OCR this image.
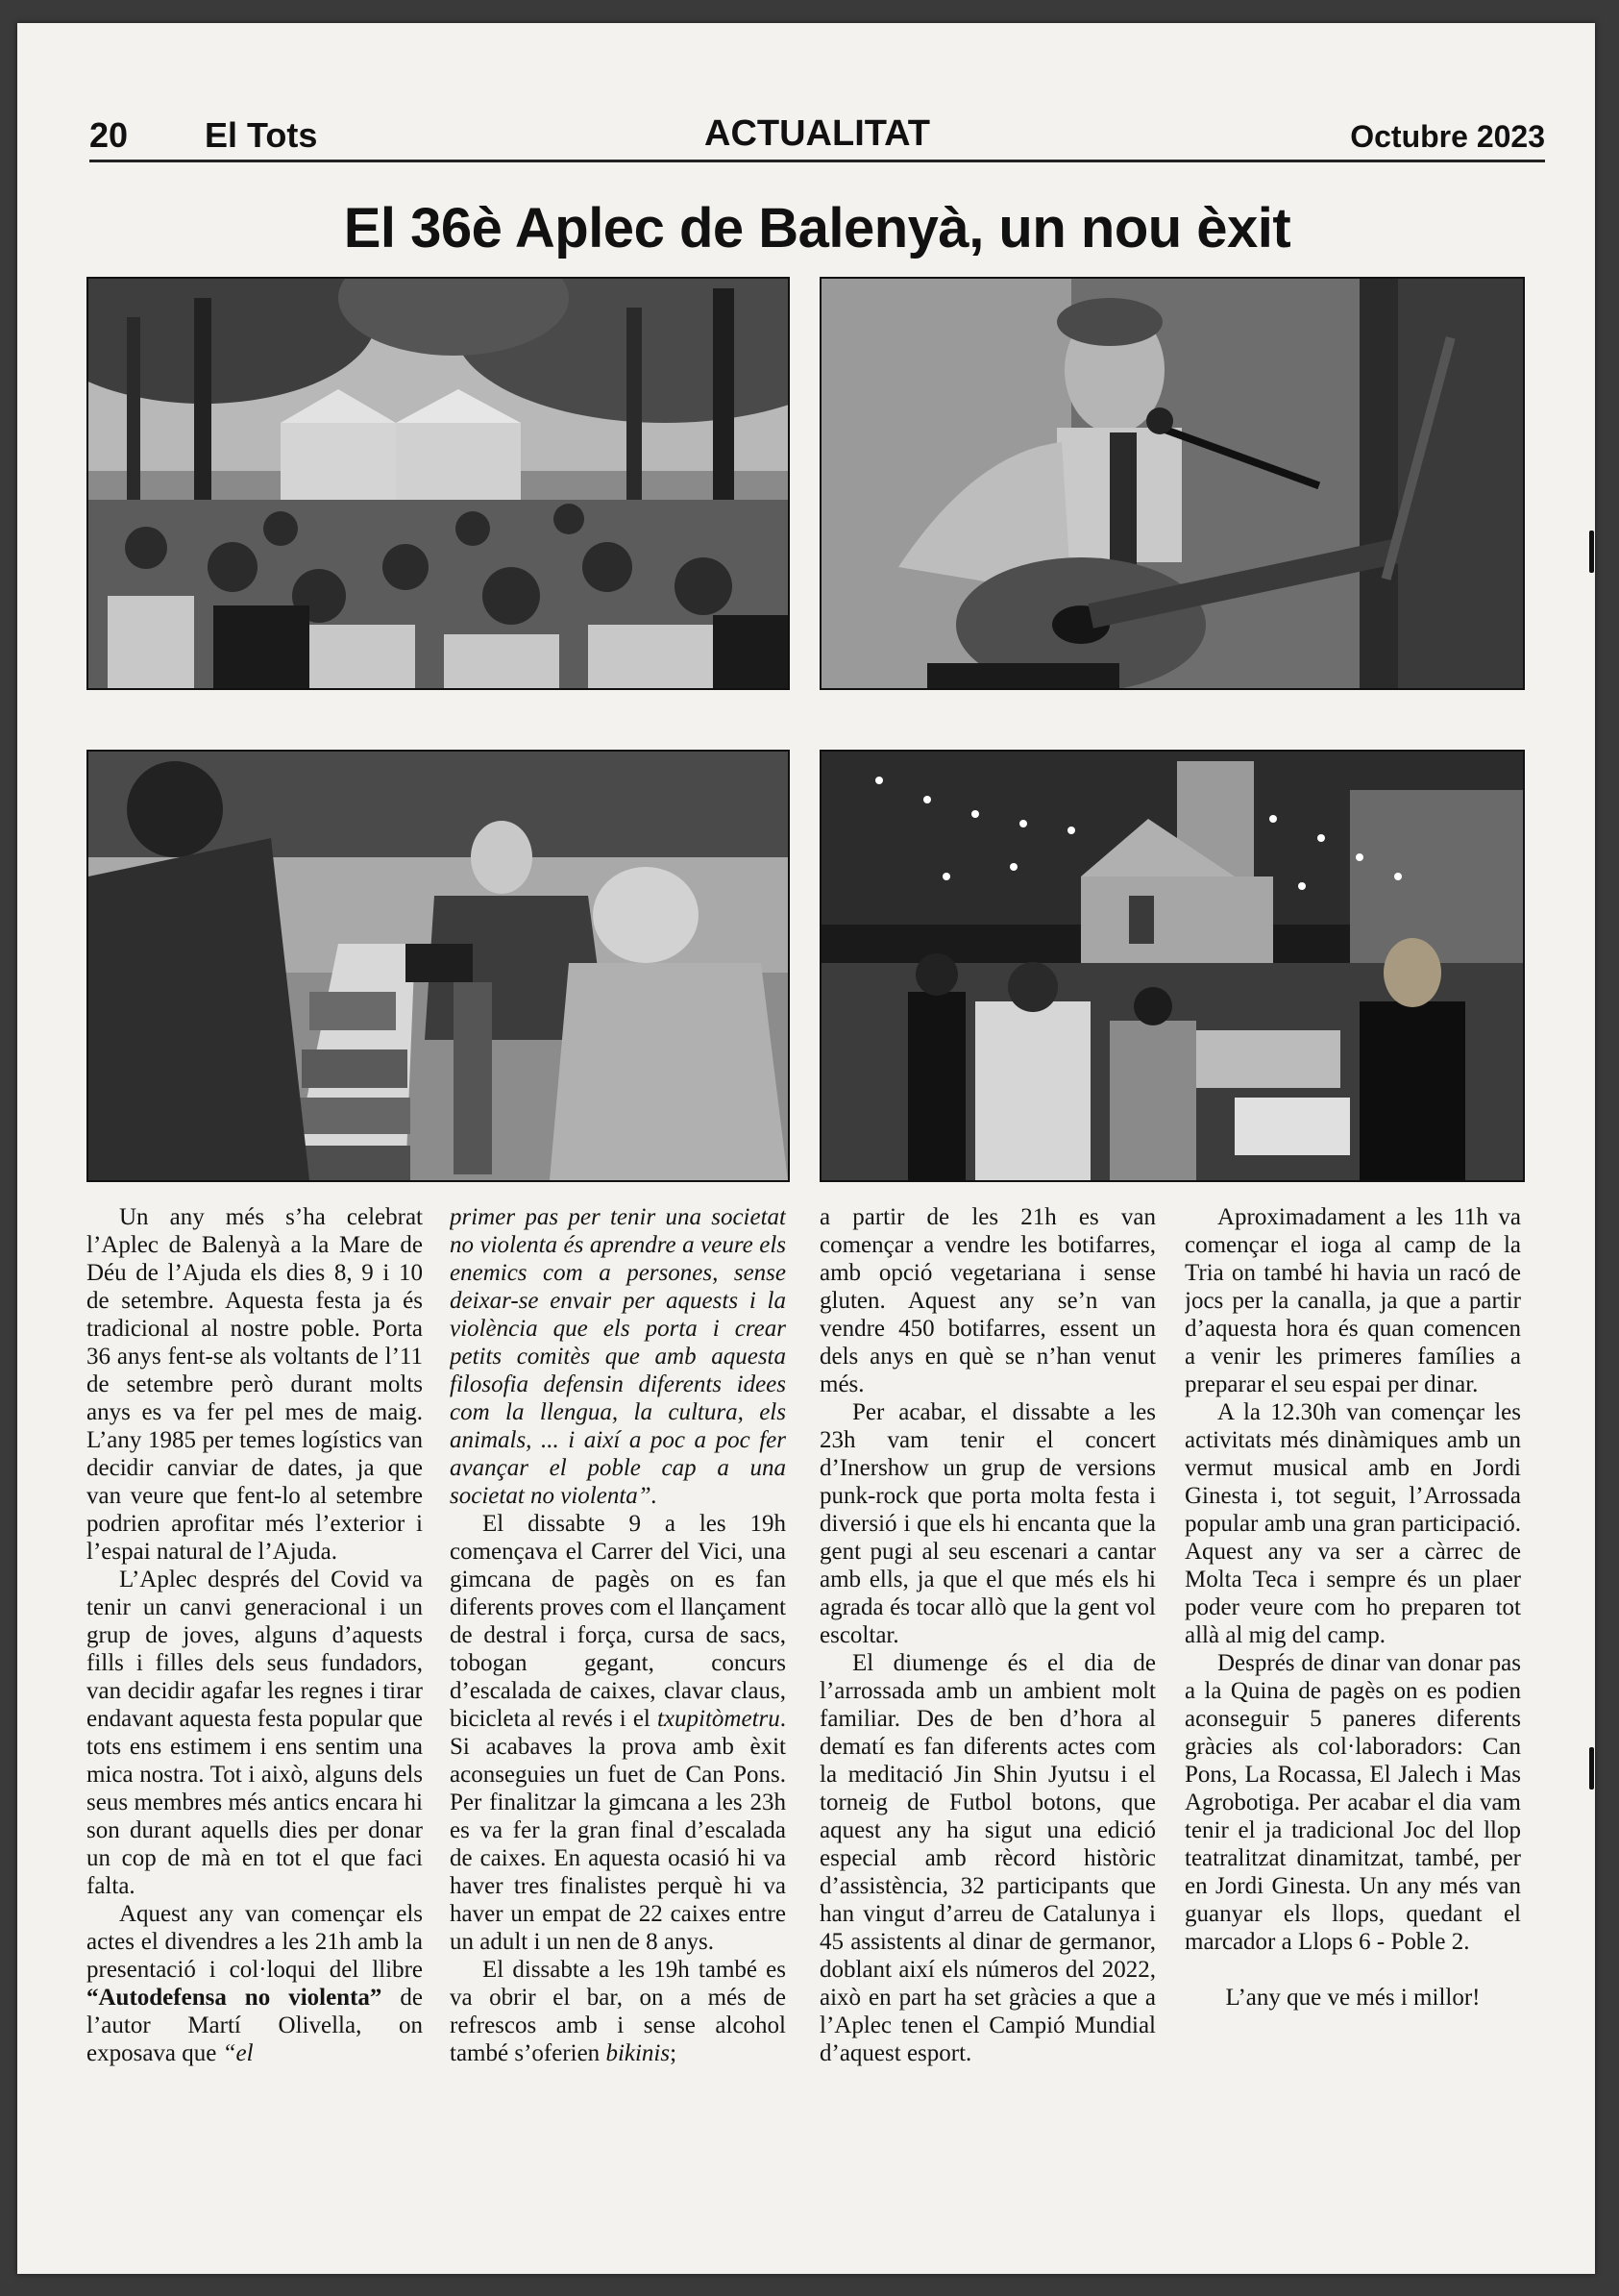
20 El Tots	ACTUALITAT	Octubre 2023
El 36è Aplec de Balenyà, un nou èxit

Un any més s’ha celebrat l’Aplec de Balenyà a la Mare de Déu de l’Ajuda els dies 8, 9 i 10 de setembre. Aquesta festa ja és tradicional al nostre poble. Porta 36 anys fent-se als voltants de l’11 de setembre però durant molts anys es va fer pel mes de maig. L’any 1985 per temes logístics van decidir canviar de dates, ja que van veure que fent-lo al setembre podrien aprofitar més l’exterior i l’espai natural de l’Ajuda.

L’Aplec després del Covid va tenir un canvi generacional i un grup de joves, alguns d’aquests fills i filles dels seus fundadors, van decidir agafar les regnes i tirar endavant aquesta festa popular que tots ens estimem i ens sentim una mica nostra. Tot i això, alguns dels seus membres més antics encara hi son durant aquells dies per donar un cop de mà en tot el que faci falta.

Aquest any van començar els actes el divendres a les 21h amb la presentació i col·loqui del llibre “Autodefensa no violenta” de l’autor Martí Olivella, on exposava que “el

primer pas per tenir una societat no violenta és aprendre a veure els enemics com a persones, sense deixar-se envair per aquests i la violència que els porta i crear petits comitès que amb aquesta filosofia defensin diferents idees com la llengua, la cultura, els animals, ... i així a poc a poc fer avançar el poble cap a una societat no violenta”.

El dissabte 9 a les 19h començava el Carrer del Vici, una gimcana de pagès on es fan diferents proves com el llançament de destral i força, cursa de sacs, tobogan gegant, concurs d’escalada de caixes, clavar claus, bicicleta al revés i el txupitòmetru. Si acabaves la prova amb èxit aconseguies un fuet de Can Pons. Per finalitzar la gimcana a les 23h es va fer la gran final d’escalada de caixes. En aquesta ocasió hi va haver tres finalistes perquè hi va haver un empat de 22 caixes entre un adult i un nen de 8 anys.

El dissabte a les 19h també es va obrir el bar, on a més de refrescos amb i sense alcohol també s’oferien bikinis;

a partir de les 21h es van començar a vendre les botifarres, amb opció vegetariana i sense gluten. Aquest any se’n van vendre 450 botifarres, essent un dels anys en què se n’han venut més.

Per acabar, el dissabte a les 23h vam tenir el concert d’Inershow un grup de versions punk-rock que porta molta festa i diversió i que els hi encanta que la gent pugi al seu escenari a cantar amb ells, ja que el que més els hi agrada és tocar allò que la gent vol escoltar.

El diumenge és el dia de l’arrossada amb un ambient molt familiar. Des de ben d’hora al dematí es fan diferents actes com la meditació Jin Shin Jyutsu i el torneig de Futbol botons, que aquest any ha sigut una edició especial amb rècord històric d’assistència, 32 participants que han vingut d’arreu de Catalunya i 45 assistents al dinar de germanor, doblant així els números del 2022, això en part ha set gràcies a que a l’Aplec tenen el Campió Mundial d’aquest esport.

Aproximadament a les 11h va començar el ioga al camp de la Tria on també hi havia un racó de jocs per la canalla, ja que a partir d’aquesta hora és quan comencen a venir les primeres famílies a preparar el seu espai per dinar.

A la 12.30h van començar les activitats més dinàmiques amb un vermut musical amb en Jordi Ginesta i, tot seguit, l’Arrossada popular amb una gran participació. Aquest any va ser a càrrec de Molta Teca i sempre és un plaer poder veure com ho preparen tot allà al mig del camp.

Després de dinar van donar pas a la Quina de pagès on es podien aconseguir 5 paneres diferents gràcies als col·laboradors: Can Pons, La Rocassa, El Jalech i Mas Agrobotiga. Per acabar el dia vam tenir el ja tradicional Joc del llop teatralitzat dinamitzat, també, per en Jordi Ginesta. Un any més van guanyar els llops, quedant el marcador a Llops 6 - Poble 2.

L’any que ve més i millor!
